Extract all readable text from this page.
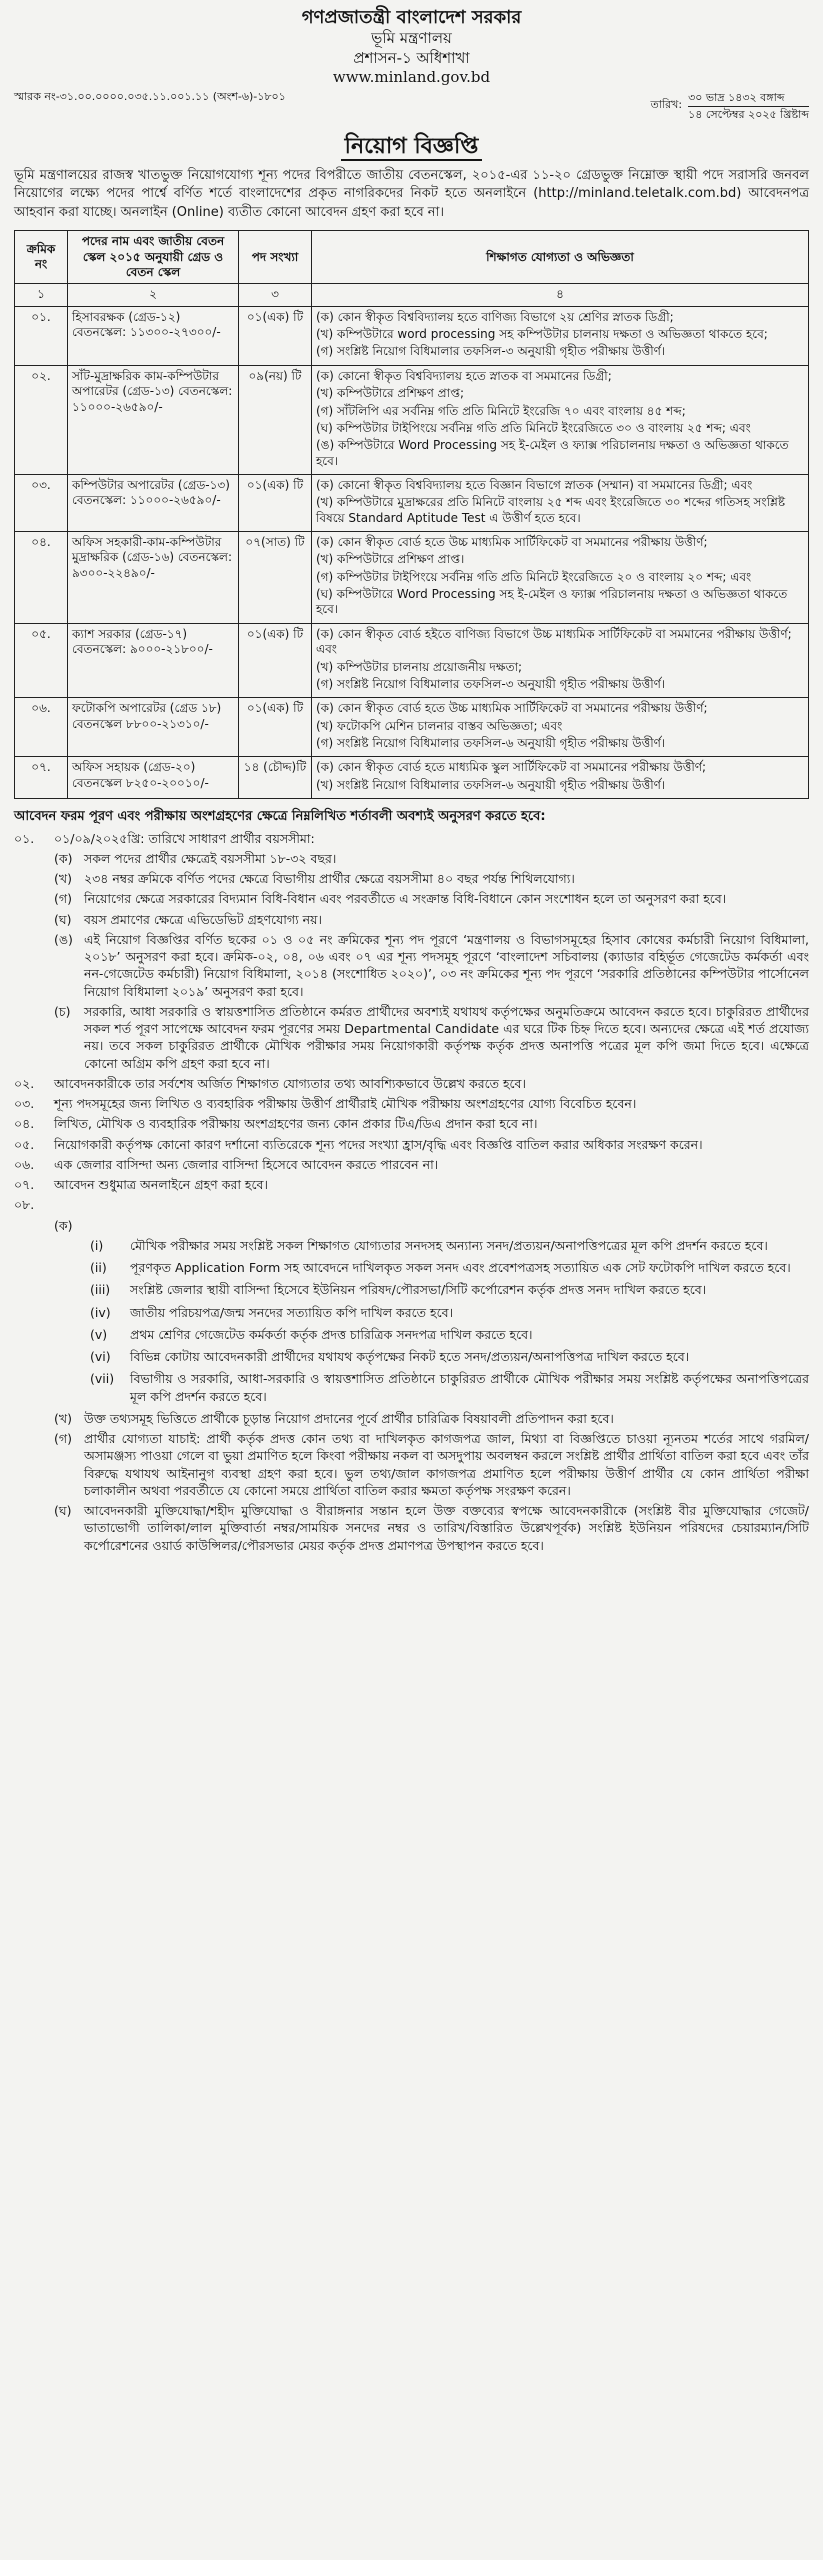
গণপ্রজাতন্ত্রী বাংলাদেশ সরকার
ভূমি মন্ত্রণালয়
প্রশাসন-১ অধিশাখা
www.minland.gov.bd
স্মারক নং-৩১.০০.০০০০.০৩৫.১১.০০১.১১ (অংশ-৬)-১৮০১
তারিখ:
৩০ ভাদ্র ১৪৩২ বঙ্গাব্দ
১৪ সেপ্টেম্বর ২০২৫ খ্রিষ্টাব্দ
নিয়োগ বিজ্ঞপ্তি
ভূমি মন্ত্রণালয়ের রাজস্ব খাতভুক্ত নিয়োগযোগ্য শূন্য পদের বিপরীতে জাতীয় বেতনস্কেল, ২০১৫-এর ১১-২০ গ্রেডভুক্ত নিম্নোক্ত স্থায়ী পদে সরাসরি জনবল নিয়োগের লক্ষ্যে পদের পার্শ্বে বর্ণিত শর্তে বাংলাদেশের প্রকৃত নাগরিকদের নিকট হতে অনলাইনে (http://minland.teletalk.com.bd) আবেদনপত্র আহবান করা যাচ্ছে। অনলাইন (Online) ব্যতীত কোনো আবেদন গ্রহণ করা হবে না।
ক্রমিক নং	পদের নাম এবং জাতীয় বেতন স্কেল ২০১৫ অনুযায়ী গ্রেড ও বেতন স্কেল	পদ সংখ্যা	শিক্ষাগত যোগ্যতা ও অভিজ্ঞতা
১	২	৩	৪
০১.	হিসাবরক্ষক (গ্রেড-১২) বেতনস্কেল: ১১৩০০-২৭৩০০/-	০১(এক) টি	(ক) কোন স্বীকৃত বিশ্ববিদ্যালয় হতে বাণিজ্য বিভাগে ২য় শ্রেণির স্নাতক ডিগ্রী;
(খ) কম্পিউটারে word processing সহ কম্পিউটার চালনায় দক্ষতা ও অভিজ্ঞতা থাকতে হবে;
(গ) সংশ্লিষ্ট নিয়োগ বিধিমালার তফসিল-৩ অনুযায়ী গৃহীত পরীক্ষায় উত্তীর্ণ।

০২.	সাঁট-মুদ্রাক্ষরিক কাম-কম্পিউটার অপারেটর (গ্রেড-১৩) বেতনস্কেল: ১১০০০-২৬৫৯০/-	০৯(নয়) টি	(ক) কোনো স্বীকৃত বিশ্ববিদ্যালয় হতে স্নাতক বা সমমানের ডিগ্রী;
(খ) কম্পিউটারে প্রশিক্ষণ প্রাপ্ত;
(গ) সাঁটলিপি এর সর্বনিম্ন গতি প্রতি মিনিটে ইংরেজি ৭০ এবং বাংলায় ৪৫ শব্দ;
(ঘ) কম্পিউটার টাইপিংয়ে সর্বনিম্ন গতি প্রতি মিনিটে ইংরেজিতে ৩০ ও বাংলায় ২৫ শব্দ; এবং
(ঙ) কম্পিউটারে Word Processing সহ ই-মেইল ও ফ্যাক্স পরিচালনায় দক্ষতা ও অভিজ্ঞতা থাকতে হবে।

০৩.	কম্পিউটার অপারেটর (গ্রেড-১৩) বেতনস্কেল: ১১০০০-২৬৫৯০/-	০১(এক) টি	(ক) কোনো স্বীকৃত বিশ্ববিদ্যালয় হতে বিজ্ঞান বিভাগে স্নাতক (সম্মান) বা সমমানের ডিগ্রী; এবং
(খ) কম্পিউটারে মুদ্রাক্ষরের প্রতি মিনিটে বাংলায় ২৫ শব্দ এবং ইংরেজিতে ৩০ শব্দের গতিসহ সংশ্লিষ্ট বিষয়ে Standard Aptitude Test এ উত্তীর্ণ হতে হবে।

০৪.	অফিস সহকারী-কাম-কম্পিউটার মুদ্রাক্ষরিক (গ্রেড-১৬) বেতনস্কেল: ৯৩০০-২২৪৯০/-	০৭(সাত) টি	(ক) কোন স্বীকৃত বোর্ড হতে উচ্চ মাধ্যমিক সার্টিফিকেট বা সমমানের পরীক্ষায় উত্তীর্ণ;
(খ) কম্পিউটারে প্রশিক্ষণ প্রাপ্ত।
(গ) কম্পিউটার টাইপিংয়ে সর্বনিম্ন গতি প্রতি মিনিটে ইংরেজিতে ২০ ও বাংলায় ২০ শব্দ; এবং
(ঘ) কম্পিউটারে Word Processing সহ ই-মেইল ও ফ্যাক্স পরিচালনায় দক্ষতা ও অভিজ্ঞতা থাকতে হবে।

০৫.	ক্যাশ সরকার (গ্রেড-১৭) বেতনস্কেল: ৯০০০-২১৮০০/-	০১(এক) টি	(ক) কোন স্বীকৃত বোর্ড হইতে বাণিজ্য বিভাগে উচ্চ মাধ্যমিক সার্টিফিকেট বা সমমানের পরীক্ষায় উত্তীর্ণ; এবং
(খ) কম্পিউটার চালনায় প্রয়োজনীয় দক্ষতা;
(গ) সংশ্লিষ্ট নিয়োগ বিধিমালার তফসিল-৩ অনুযায়ী গৃহীত পরীক্ষায় উত্তীর্ণ।

০৬.	ফটোকপি অপারেটর (গ্রেড ১৮) বেতনস্কেল ৮৮০০-২১৩১০/-	০১(এক) টি	(ক) কোন স্বীকৃত বোর্ড হতে উচ্চ মাধ্যমিক সার্টিফিকেট বা সমমানের পরীক্ষায় উত্তীর্ণ;
(খ) ফটোকপি মেশিন চালনার বাস্তব অভিজ্ঞতা; এবং
(গ) সংশ্লিষ্ট নিয়োগ বিধিমালার তফসিল-৬ অনুযায়ী গৃহীত পরীক্ষায় উত্তীর্ণ।

০৭.	অফিস সহায়ক (গ্রেড-২০) বেতনস্কেল ৮২৫০-২০০১০/-	১৪ (চৌদ্দ)টি	(ক) কোন স্বীকৃত বোর্ড হতে মাধ্যমিক স্কুল সার্টিফিকেট বা সমমানের পরীক্ষায় উত্তীর্ণ;
(খ) সংশ্লিষ্ট নিয়োগ বিধিমালার তফসিল-৬ অনুযায়ী গৃহীত পরীক্ষায় উত্তীর্ণ।
আবেদন ফরম পূরণ এবং পরীক্ষায় অংশগ্রহণের ক্ষেত্রে নিম্নলিখিত শর্তাবলী অবশ্যই অনুসরণ করতে হবে:
০১.	০১/০৯/২০২৫খ্রি: তারিখে সাধারণ প্রার্থীর বয়সসীমা:
(ক) সকল পদের প্রার্থীর ক্ষেত্রেই বয়সসীমা ১৮-৩২ বছর।
(খ) ২৩৪ নম্বর ক্রমিকে বর্ণিত পদের ক্ষেত্রে বিভাগীয় প্রার্থীর ক্ষেত্রে বয়সসীমা ৪০ বছর পর্যন্ত শিথিলযোগ্য।
(গ) নিয়োগের ক্ষেত্রে সরকারের বিদ্যমান বিধি-বিধান এবং পরবর্তীতে এ সংক্রান্ত বিধি-বিধানে কোন সংশোধন হলে তা অনুসরণ করা হবে।
(ঘ)	বয়স প্রমাণের ক্ষেত্রে এভিডেভিট গ্রহণযোগ্য নয়।
(ঙ) এই নিয়োগ বিজ্ঞপ্তির বর্ণিত ছকের ০১ ও ০৫ নং ক্রমিকের শূন্য পদ পূরণে ‘মন্ত্রণালয় ও বিভাগসমূহের হিসাব কোষের কর্মচারী নিয়োগ বিধিমালা, ২০১৮’ অনুসরণ করা হবে। ক্রমিক-০২, ০৪, ০৬ এবং ০৭ এর শূন্য পদসমূহ পূরণে ‘বাংলাদেশ সচিবালয় (ক্যাডার বহির্ভূত গেজেটেড কর্মকর্তা এবং নন-গেজেটেড কর্মচারী) নিয়োগ বিধিমালা, ২০১৪ (সংশোধিত ২০২০)’, ০৩ নং ক্রমিকের শূন্য পদ পূরণে ‘সরকারি প্রতিষ্ঠানের কম্পিউটার পার্সোনেল নিয়োগ বিধিমালা ২০১৯’ অনুসরণ করা হবে।
(চ)	সরকারি, আধা সরকারি ও স্বায়ত্তশাসিত প্রতিষ্ঠানে কর্মরত প্রার্থীদের অবশ্যই যথাযথ কর্তৃপক্ষের অনুমতিক্রমে আবেদন করতে হবে। চাকুরিরত প্রার্থীদের সকল শর্ত পূরণ সাপেক্ষে আবেদন ফরম পূরণের সময় Departmental Candidate এর ঘরে টিক চিহ্ন দিতে হবে। অন্যদের ক্ষেত্রে এই শর্ত প্রযোজ্য নয়। তবে সকল চাকুরিরত প্রার্থীকে মৌখিক পরীক্ষার সময় নিয়োগকারী কর্তৃপক্ষ কর্তৃক প্রদত্ত অনাপত্তি পত্রের মূল কপি জমা দিতে হবে। এক্ষেত্রে কোনো অগ্রিম কপি গ্রহণ করা হবে না।
০২.	আবেদনকারীকে তার সর্বশেষ অর্জিত শিক্ষাগত যোগ্যতার তথ্য আবশ্যিকভাবে উল্লেখ করতে হবে।
০৩.	শূন্য পদসমূহের জন্য লিখিত ও ব্যবহারিক পরীক্ষায় উত্তীর্ণ প্রার্থীরাই মৌখিক পরীক্ষায় অংশগ্রহণের যোগ্য বিবেচিত হবেন।
০৪.	লিখিত, মৌখিক ও ব্যবহারিক পরীক্ষায় অংশগ্রহণের জন্য কোন প্রকার টিএ/ডিএ প্রদান করা হবে না।
০৫.	নিয়োগকারী কর্তৃপক্ষ কোনো কারণ দর্শানো ব্যতিরেকে শূন্য পদের সংখ্যা হ্রাস/বৃদ্ধি এবং বিজ্ঞপ্তি বাতিল করার অধিকার সংরক্ষণ করেন।
০৬.	এক জেলার বাসিন্দা অন্য জেলার বাসিন্দা হিসেবে আবেদন করতে পারবেন না।
০৭.	আবেদন শুধুমাত্র অনলাইনে গ্রহণ করা হবে।
০৮.
(ক)
(i)	মৌখিক পরীক্ষার সময় সংশ্লিষ্ট সকল শিক্ষাগত যোগ্যতার সনদসহ অন্যান্য সনদ/প্রত্যয়ন/অনাপত্তিপত্রের মূল কপি প্রদর্শন করতে হবে।
(ii)	পূরণকৃত Application Form সহ আবেদনে দাখিলকৃত সকল সনদ এবং প্রবেশপত্রসহ সত্যায়িত এক সেট ফটোকপি দাখিল করতে হবে।
(iii)	সংশ্লিষ্ট জেলার স্থায়ী বাসিন্দা হিসেবে ইউনিয়ন পরিষদ/পৌরসভা/সিটি কর্পোরেশন কর্তৃক প্রদত্ত সনদ দাখিল করতে হবে।
(iv)	জাতীয় পরিচয়পত্র/জন্ম সনদের সত্যায়িত কপি দাখিল করতে হবে।
(v)	প্রথম শ্রেণির গেজেটেড কর্মকর্তা কর্তৃক প্রদত্ত চারিত্রিক সনদপত্র দাখিল করতে হবে।
(vi)	বিভিন্ন কোটায় আবেদনকারী প্রার্থীদের যথাযথ কর্তৃপক্ষের নিকট হতে সনদ/প্রত্যয়ন/অনাপত্তিপত্র দাখিল করতে হবে।
(vii)	বিভাগীয় ও সরকারি, আধা-সরকারি ও স্বায়ত্তশাসিত প্রতিষ্ঠানে চাকুরিরত প্রার্থীকে মৌখিক পরীক্ষার সময় সংশ্লিষ্ট কর্তৃপক্ষের অনাপত্তিপত্রের মূল কপি প্রদর্শন করতে হবে।
(খ) উক্ত তথ্যসমূহ ভিত্তিতে প্রার্থীকে চূড়ান্ত নিয়োগ প্রদানের পূর্বে প্রার্থীর চারিত্রিক বিষয়াবলী প্রতিপাদন করা হবে।
(গ) প্রার্থীর যোগ্যতা যাচাই: প্রার্থী কর্তৃক প্রদত্ত কোন তথ্য বা দাখিলকৃত কাগজপত্র জাল, মিথ্যা বা বিজ্ঞপ্তিতে চাওয়া ন্যূনতম শর্তের সাথে গরমিল/অসামঞ্জস্য পাওয়া গেলে বা ভুয়া প্রমাণিত হলে কিংবা পরীক্ষায় নকল বা অসদুপায় অবলম্বন করলে সংশ্লিষ্ট প্রার্থীর প্রার্থিতা বাতিল করা হবে এবং তাঁর বিরুদ্ধে যথাযথ আইনানুগ ব্যবস্থা গ্রহণ করা হবে। ভুল তথ্য/জাল কাগজপত্র প্রমাণিত হলে পরীক্ষায় উত্তীর্ণ প্রার্থীর যে কোন প্রার্থিতা পরীক্ষা চলাকালীন অথবা পরবর্তীতে যে কোনো সময়ে প্রার্থিতা বাতিল করার ক্ষমতা কর্তৃপক্ষ সংরক্ষণ করেন।
(ঘ)	আবেদনকারী মুক্তিযোদ্ধা/শহীদ মুক্তিযোদ্ধা ও বীরাঙ্গনার সন্তান হলে উক্ত বক্তব্যের স্বপক্ষে আবেদনকারীকে (সংশ্লিষ্ট বীর মুক্তিযোদ্ধার গেজেট/ভাতাভোগী তালিকা/লাল মুক্তিবার্তা নম্বর/সাময়িক সনদের নম্বর ও তারিখ/বিস্তারিত উল্লেখপূর্বক) সংশ্লিষ্ট ইউনিয়ন পরিষদের চেয়ারম্যান/সিটি কর্পোরেশনের ওয়ার্ড কাউন্সিলর/পৌরসভার মেয়র কর্তৃক প্রদত্ত প্রমাণপত্র উপস্থাপন করতে হবে।
